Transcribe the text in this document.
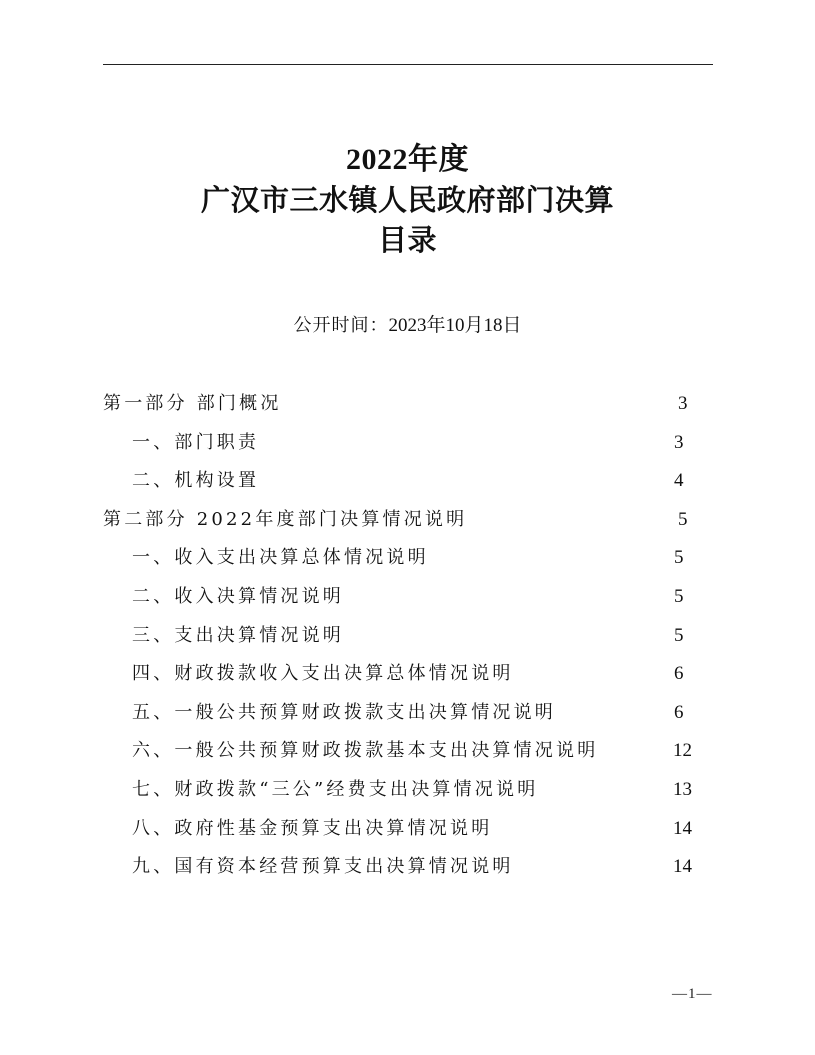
2022年度
广汉市三水镇人民政府部门决算
目录
公开时间：2023年10月18日
第一部分 部门概况	3
一、部门职责	3
二、机构设置	4
第二部分 2022年度部门决算情况说明	5
一、收入支出决算总体情况说明	5
二、收入决算情况说明	5
三、支出决算情况说明	5
四、财政拨款收入支出决算总体情况说明	6
五、一般公共预算财政拨款支出决算情况说明	6
六、一般公共预算财政拨款基本支出决算情况说明	12
七、财政拨款“三公”经费支出决算情况说明	13
八、政府性基金预算支出决算情况说明	14
九、国有资本经营预算支出决算情况说明	14
—1—
